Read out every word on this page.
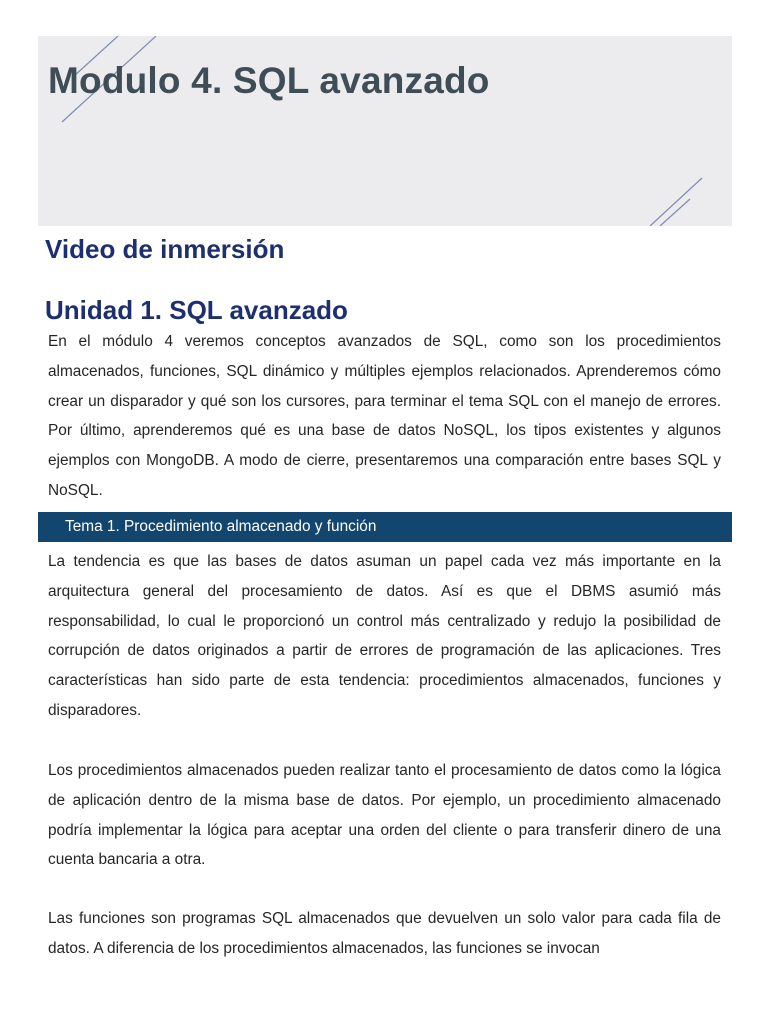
Modulo 4. SQL avanzado
Video de inmersión
Unidad 1. SQL avanzado

En el módulo 4 veremos conceptos avanzados de SQL, como son los procedimientos almacenados, funciones, SQL dinámico y múltiples ejemplos relacionados. Aprenderemos cómo crear un disparador y qué son los cursores, para terminar el tema SQL con el manejo de errores. Por último, aprenderemos qué es una base de datos NoSQL, los tipos existentes y algunos ejemplos con MongoDB. A modo de cierre, presentaremos una comparación entre bases SQL y NoSQL.

Tema 1. Procedimiento almacenado y función

La tendencia es que las bases de datos asuman un papel cada vez más importante en la arquitectura general del procesamiento de datos. Así es que el DBMS asumió más responsabilidad, lo cual le proporcionó un control más centralizado y redujo la posibilidad de corrupción de datos originados a partir de errores de programación de las aplicaciones. Tres características han sido parte de esta tendencia: procedimientos almacenados, funciones y disparadores.

Los procedimientos almacenados pueden realizar tanto el procesamiento de datos como la lógica de aplicación dentro de la misma base de datos. Por ejemplo, un procedimiento almacenado podría implementar la lógica para aceptar una orden del cliente o para transferir dinero de una cuenta bancaria a otra.

Las funciones son programas SQL almacenados que devuelven un solo valor para cada fila de datos. A diferencia de los procedimientos almacenados, las funciones se invocan
